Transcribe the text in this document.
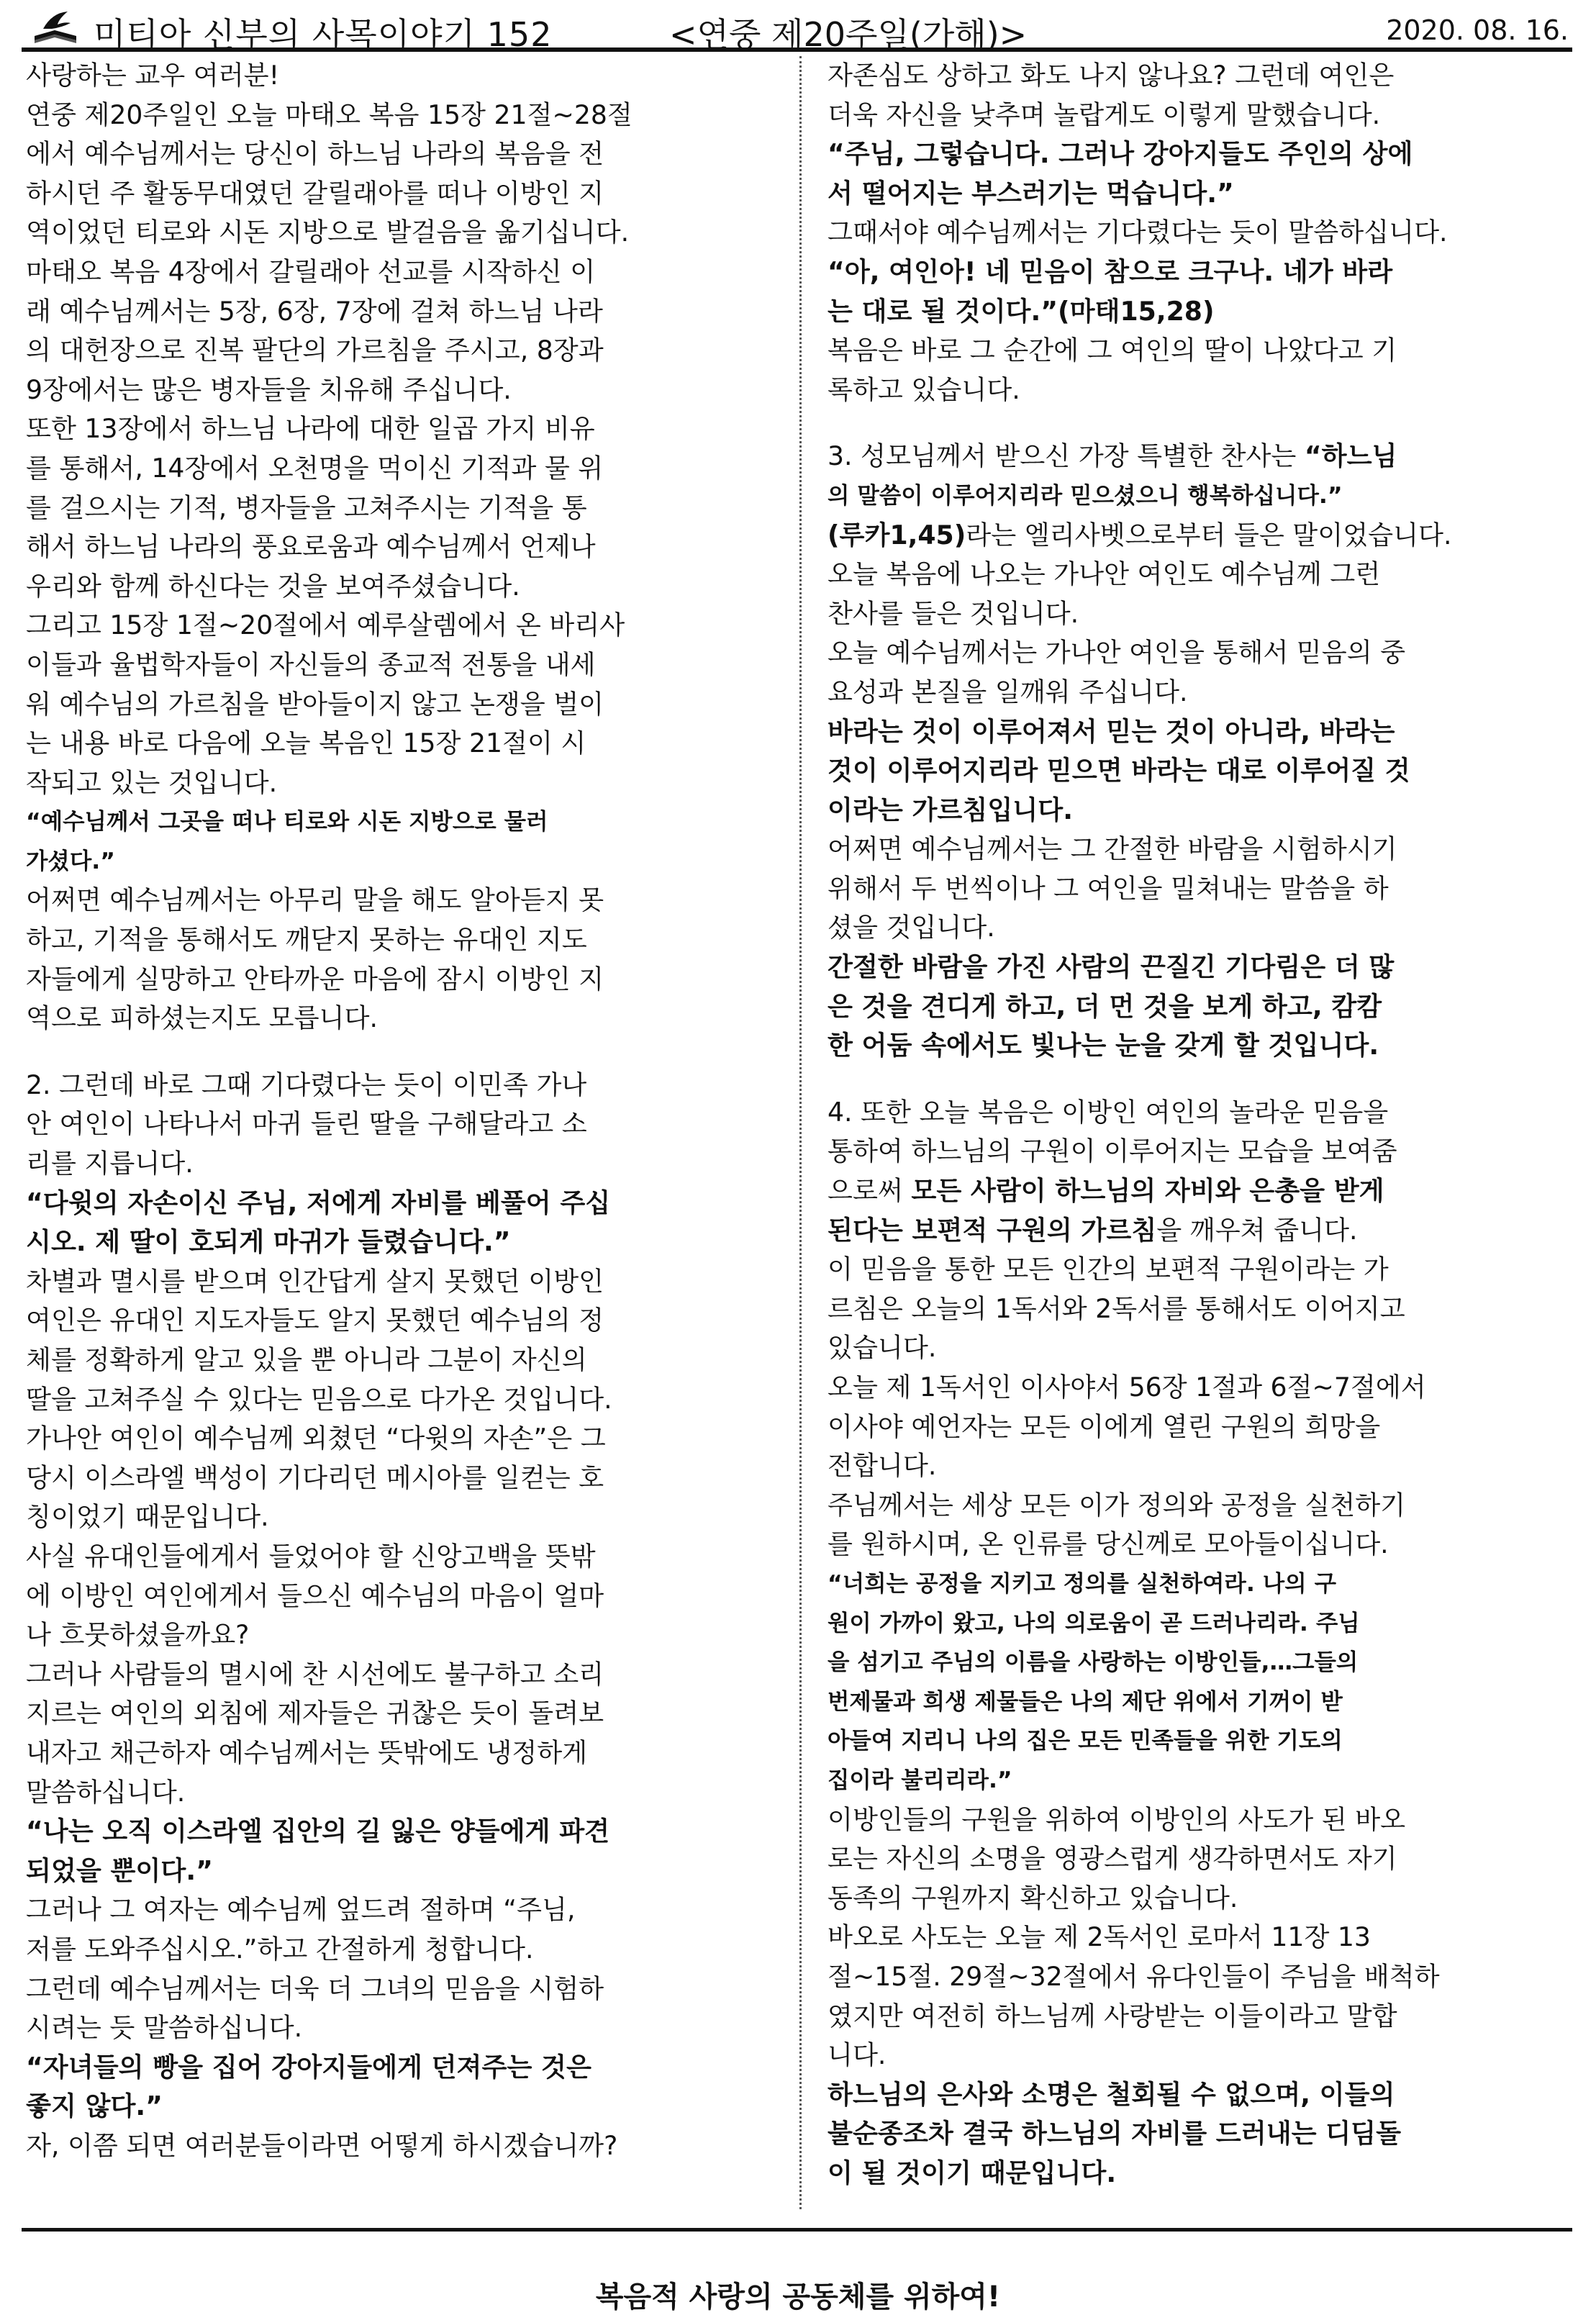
미티아 신부의 사목이야기 152	<연중 제20주일(가해)>	2020. 08. 16.

사랑하는 교우 여러분!

연중 제20주일인 오늘 마태오 복음 15장 21절~28절

에서 예수님께서는 당신이 하느님 나라의 복음을 전

하시던 주 활동무대였던 갈릴래아를 떠나 이방인 지

역이었던 티로와 시돈 지방으로 발걸음을 옮기십니다.

마태오 복음 4장에서 갈릴래아 선교를 시작하신 이

래 예수님께서는 5장, 6장, 7장에 걸쳐 하느님 나라

의 대헌장으로 진복 팔단의 가르침을 주시고, 8장과

9장에서는 많은 병자들을 치유해 주십니다.

또한 13장에서 하느님 나라에 대한 일곱 가지 비유

를 통해서, 14장에서 오천명을 먹이신 기적과 물 위

를 걸으시는 기적, 병자들을 고쳐주시는 기적을 통

해서 하느님 나라의 풍요로움과 예수님께서 언제나

우리와 함께 하신다는 것을 보여주셨습니다.

그리고 15장 1절~20절에서 예루살렘에서 온 바리사

이들과 율법학자들이 자신들의 종교적 전통을 내세

워 예수님의 가르침을 받아들이지 않고 논쟁을 벌이

는 내용 바로 다음에 오늘 복음인 15장 21절이 시

작되고 있는 것입니다.

“예수님께서 그곳을 떠나 티로와 시돈 지방으로 물러

가셨다.”

어쩌면 예수님께서는 아무리 말을 해도 알아듣지 못

하고, 기적을 통해서도 깨닫지 못하는 유대인 지도

자들에게 실망하고 안타까운 마음에 잠시 이방인 지

역으로 피하셨는지도 모릅니다.

2. 그런데 바로 그때 기다렸다는 듯이 이민족 가나

안 여인이 나타나서 마귀 들린 딸을 구해달라고 소

리를 지릅니다.

“다윗의 자손이신 주님, 저에게 자비를 베풀어 주십

시오. 제 딸이 호되게 마귀가 들렸습니다.”

차별과 멸시를 받으며 인간답게 살지 못했던 이방인

여인은 유대인 지도자들도 알지 못했던 예수님의 정

체를 정확하게 알고 있을 뿐 아니라 그분이 자신의

딸을 고쳐주실 수 있다는 믿음으로 다가온 것입니다.

가나안 여인이 예수님께 외쳤던 “다윗의 자손”은 그

당시 이스라엘 백성이 기다리던 메시아를 일컫는 호

칭이었기 때문입니다.

사실 유대인들에게서 들었어야 할 신앙고백을 뜻밖

에 이방인 여인에게서 들으신 예수님의 마음이 얼마

나 흐뭇하셨을까요?

그러나 사람들의 멸시에 찬 시선에도 불구하고 소리

지르는 여인의 외침에 제자들은 귀찮은 듯이 돌려보

내자고 채근하자 예수님께서는 뜻밖에도 냉정하게

말씀하십니다.

“나는 오직 이스라엘 집안의 길 잃은 양들에게 파견

되었을 뿐이다.”

그러나 그 여자는 예수님께 엎드려 절하며 “주님,

저를 도와주십시오.”하고 간절하게 청합니다.

그런데 예수님께서는 더욱 더 그녀의 믿음을 시험하

시려는 듯 말씀하십니다.

“자녀들의 빵을 집어 강아지들에게 던져주는 것은

좋지 않다.”

자, 이쯤 되면 여러분들이라면 어떻게 하시겠습니까?

자존심도 상하고 화도 나지 않나요? 그런데 여인은

더욱 자신을 낮추며 놀랍게도 이렇게 말했습니다.

“주님, 그렇습니다. 그러나 강아지들도 주인의 상에

서 떨어지는 부스러기는 먹습니다.”

그때서야 예수님께서는 기다렸다는 듯이 말씀하십니다.

“아, 여인아! 네 믿음이 참으로 크구나. 네가 바라

는 대로 될 것이다.”(마태15,28)

복음은 바로 그 순간에 그 여인의 딸이 나았다고 기

록하고 있습니다.

3. 성모님께서 받으신 가장 특별한 찬사는 “하느님

의 말씀이 이루어지리라 믿으셨으니 행복하십니다.”

(루카1,45)라는 엘리사벳으로부터 들은 말이었습니다.

오늘 복음에 나오는 가나안 여인도 예수님께 그런

찬사를 들은 것입니다.

오늘 예수님께서는 가나안 여인을 통해서 믿음의 중

요성과 본질을 일깨워 주십니다.

바라는 것이 이루어져서 믿는 것이 아니라, 바라는

것이 이루어지리라 믿으면 바라는 대로 이루어질 것

이라는 가르침입니다.

어쩌면 예수님께서는 그 간절한 바람을 시험하시기

위해서 두 번씩이나 그 여인을 밀쳐내는 말씀을 하

셨을 것입니다.

간절한 바람을 가진 사람의 끈질긴 기다림은 더 많

은 것을 견디게 하고, 더 먼 것을 보게 하고, 캄캄

한 어둠 속에서도 빛나는 눈을 갖게 할 것입니다.

4. 또한 오늘 복음은 이방인 여인의 놀라운 믿음을

통하여 하느님의 구원이 이루어지는 모습을 보여줌

으로써 모든 사람이 하느님의 자비와 은총을 받게

된다는 보편적 구원의 가르침을 깨우쳐 줍니다.

이 믿음을 통한 모든 인간의 보편적 구원이라는 가

르침은 오늘의 1독서와 2독서를 통해서도 이어지고

있습니다.

오늘 제 1독서인 이사야서 56장 1절과 6절~7절에서

이사야 예언자는 모든 이에게 열린 구원의 희망을

전합니다.

주님께서는 세상 모든 이가 정의와 공정을 실천하기

를 원하시며, 온 인류를 당신께로 모아들이십니다.

“너희는 공정을 지키고 정의를 실천하여라. 나의 구

원이 가까이 왔고, 나의 의로움이 곧 드러나리라. 주님

을 섬기고 주님의 이름을 사랑하는 이방인들,…그들의

번제물과 희생 제물들은 나의 제단 위에서 기꺼이 받

아들여 지리니 나의 집은 모든 민족들을 위한 기도의

집이라 불리리라.”

이방인들의 구원을 위하여 이방인의 사도가 된 바오

로는 자신의 소명을 영광스럽게 생각하면서도 자기

동족의 구원까지 확신하고 있습니다.

바오로 사도는 오늘 제 2독서인 로마서 11장 13

절~15절. 29절~32절에서 유다인들이 주님을 배척하

였지만 여전히 하느님께 사랑받는 이들이라고 말합

니다.

하느님의 은사와 소명은 철회될 수 없으며, 이들의

불순종조차 결국 하느님의 자비를 드러내는 디딤돌

이 될 것이기 때문입니다.

복음적 사랑의 공동체를 위하여!
